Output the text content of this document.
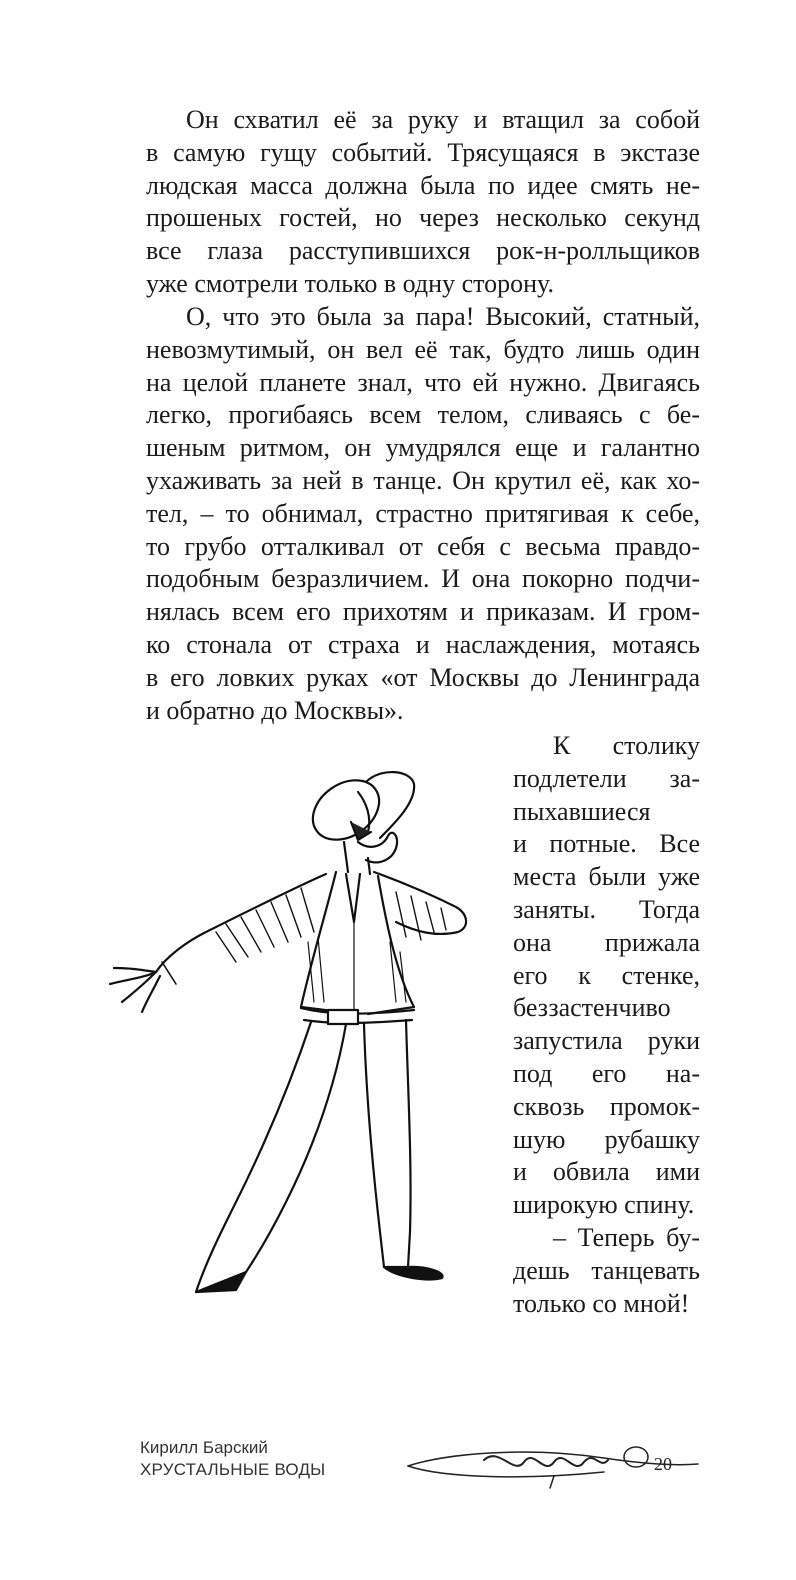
Он схватил её за руку и втащил за собой
в самую гущу событий. Трясущаяся в экстазе
людская масса должна была по идее смять не-
прошеных гостей, но через несколько секунд
все глаза расступившихся рок-н-ролльщиков
уже смотрели только в одну сторону.
О, что это была за пара! Высокий, статный,
невозмутимый, он вел её так, будто лишь один
на целой планете знал, что ей нужно. Двигаясь
легко, прогибаясь всем телом, сливаясь с бе-
шеным ритмом, он умудрялся еще и галантно
ухаживать за ней в танце. Он крутил её, как хо-
тел, – то обнимал, страстно притягивая к себе,
то грубо отталкивал от себя с весьма правдо-
подобным безразличием. И она покорно подчи-
нялась всем его прихотям и приказам. И гром-
ко стонала от страха и наслаждения, мотаясь
в его ловких руках «от Москвы до Ленинграда
и обратно до Москвы».
К столику
подлетели за-
пыхавшиеся
и потные. Все
места были уже
заняты. Тогда
она прижала
его к стенке,
беззастенчиво
запустила руки
под его на-
сквозь промок-
шую рубашку
и обвила ими
широкую спину.
– Теперь бу-
дешь танцевать
только со мной!
Кирилл Барский
ХРУСТАЛЬНЫЕ ВОДЫ	20
